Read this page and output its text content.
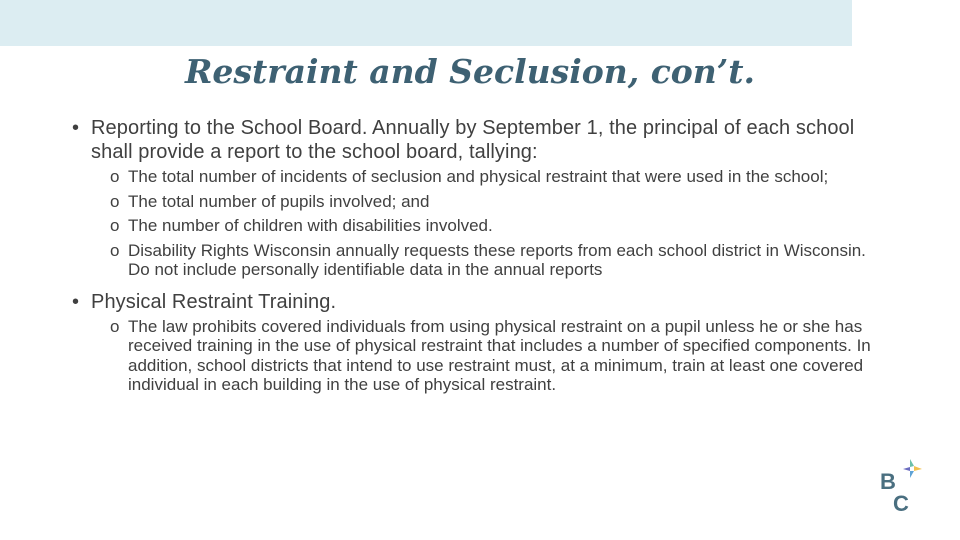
Restraint and Seclusion, con’t.

• Reporting to the School Board. Annually by September 1, the principal of each school shall provide a report to the school board, tallying:

o The total number of incidents of seclusion and physical restraint that were used in the school;
o The total number of pupils involved; and
o The number of children with disabilities involved.
o Disability Rights Wisconsin annually requests these reports from each school district in Wisconsin. Do not include personally identifiable data in the annual reports

• Physical Restraint Training.

o The law prohibits covered individuals from using physical restraint on a pupil unless he or she has received training in the use of physical restraint that includes a number of specified components. In addition, school districts that intend to use restraint must, at a minimum, train at least one covered individual in each building in the use of physical restraint.
B
C
